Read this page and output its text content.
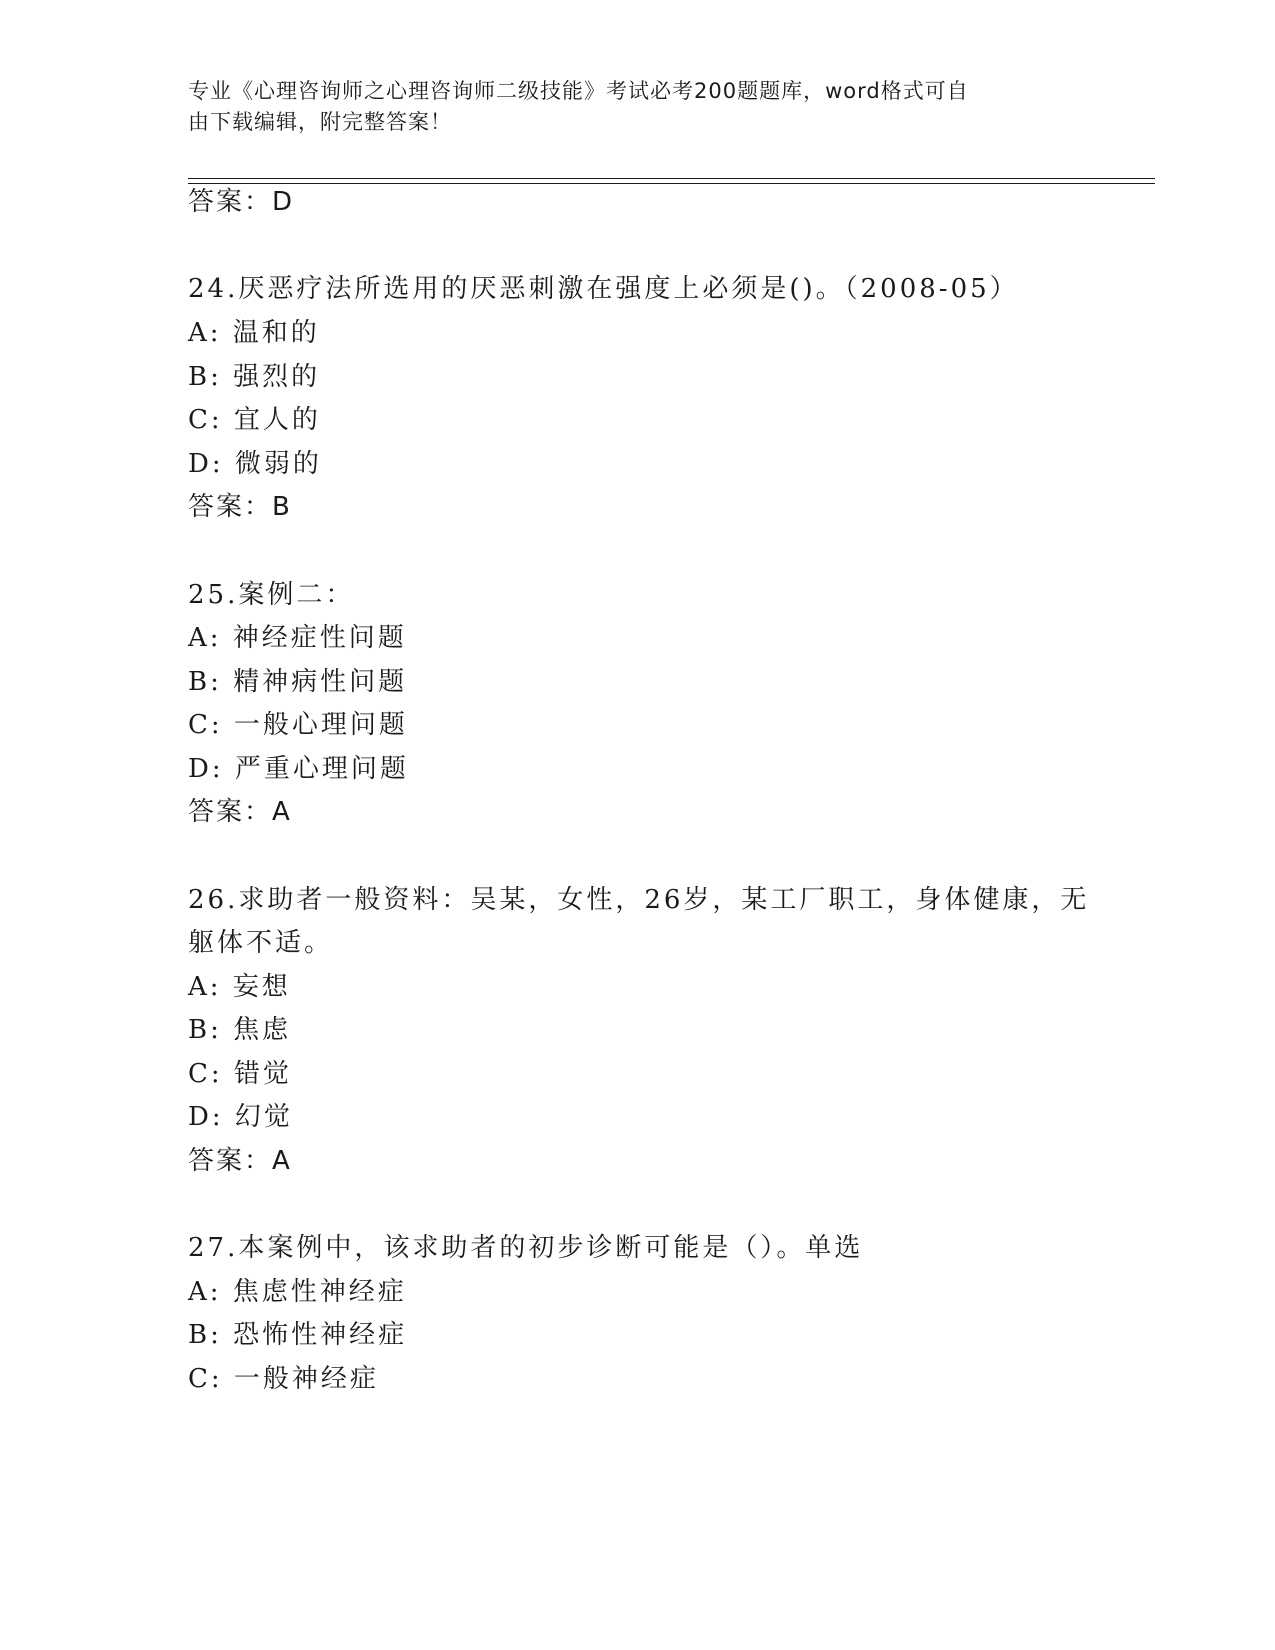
专业《心理咨询师之心理咨询师二级技能》考试必考200题题库，word格式可自
由下载编辑，附完整答案！
答案：D
24.厌恶疗法所选用的厌恶刺激在强度上必须是()。（2008-05）
A: 温和的
B: 强烈的
C: 宜人的
D: 微弱的
答案：B
25.案例二：
A: 神经症性问题
B: 精神病性问题
C: 一般心理问题
D: 严重心理问题
答案：A
26.求助者一般资料：吴某，女性，26岁，某工厂职工，身体健康，无
躯体不适。
A: 妄想
B: 焦虑
C: 错觉
D: 幻觉
答案：A
27.本案例中，该求助者的初步诊断可能是（）。单选
A: 焦虑性神经症
B: 恐怖性神经症
C: 一般神经症
